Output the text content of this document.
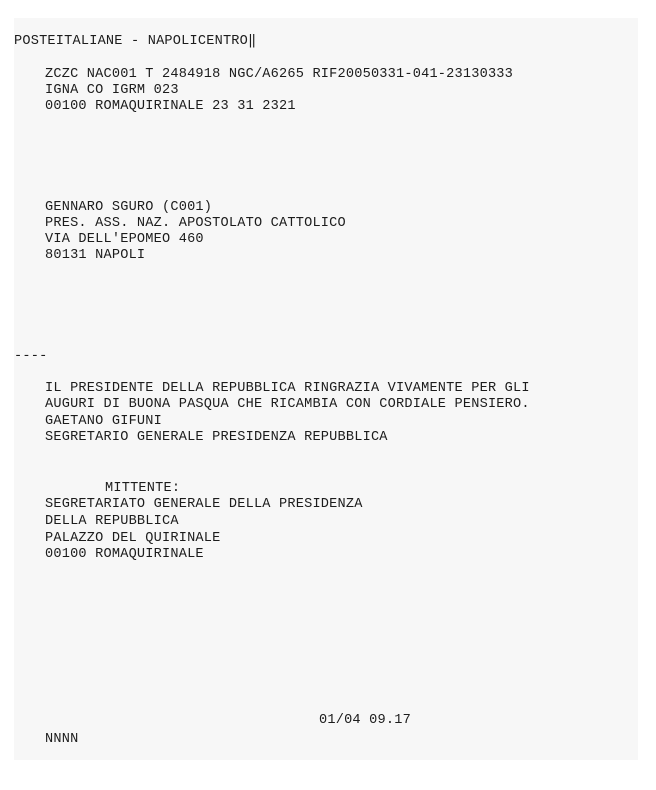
POSTEITALIANE - NAPOLICENTRO‖
ZCZC NAC001 T 2484918 NGC/A6265 RIF20050331-041-23130333
IGNA CO IGRM 023
00100 ROMAQUIRINALE 23 31 2321
GENNARO SGURO (C001)
PRES. ASS. NAZ. APOSTOLATO CATTOLICO
VIA DELL'EPOMEO 460
80131 NAPOLI
----
IL PRESIDENTE DELLA REPUBBLICA RINGRAZIA VIVAMENTE PER GLI
AUGURI DI BUONA PASQUA CHE RICAMBIA CON CORDIALE PENSIERO.
GAETANO GIFUNI
SEGRETARIO GENERALE PRESIDENZA REPUBBLICA
MITTENTE:
SEGRETARIATO GENERALE DELLA PRESIDENZA
DELLA REPUBBLICA
PALAZZO DEL QUIRINALE
00100 ROMAQUIRINALE
01/04 09.17
NNNN
